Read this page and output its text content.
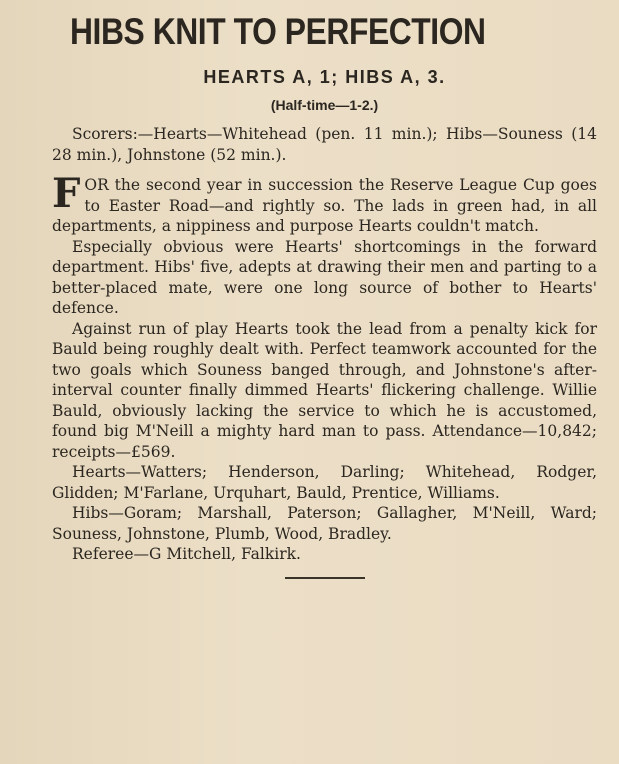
HIBS KNIT TO PERFECTION
HEARTS A, 1; HIBS A, 3.
(Half-time—1-2.)

Scorers:—Hearts—Whitehead (pen. 11 min.); Hibs—Souness (14 28 min.), Johnstone (52 min.).

FOR the second year in succession the Reserve League Cup goes to Easter Road—and rightly so. The lads in green had, in all departments, a nippiness and purpose Hearts couldn't match.

Especially obvious were Hearts' shortcomings in the forward department. Hibs' five, adepts at drawing their men and parting to a better-placed mate, were one long source of bother to Hearts' defence.

Against run of play Hearts took the lead from a penalty kick for Bauld being roughly dealt with. Perfect teamwork accounted for the two goals which Souness banged through, and Johnstone's after-interval counter finally dimmed Hearts' flickering challenge. Willie Bauld, obviously lacking the service to which he is accustomed, found big M'Neill a mighty hard man to pass. Attendance—10,842; receipts—£569.

Hearts—Watters; Henderson, Darling; Whitehead, Rodger, Glidden; M'Farlane, Urquhart, Bauld, Prentice, Williams.

Hibs—Goram; Marshall, Paterson; Gallagher, M'Neill, Ward; Souness, Johnstone, Plumb, Wood, Bradley.

Referee—G Mitchell, Falkirk.
